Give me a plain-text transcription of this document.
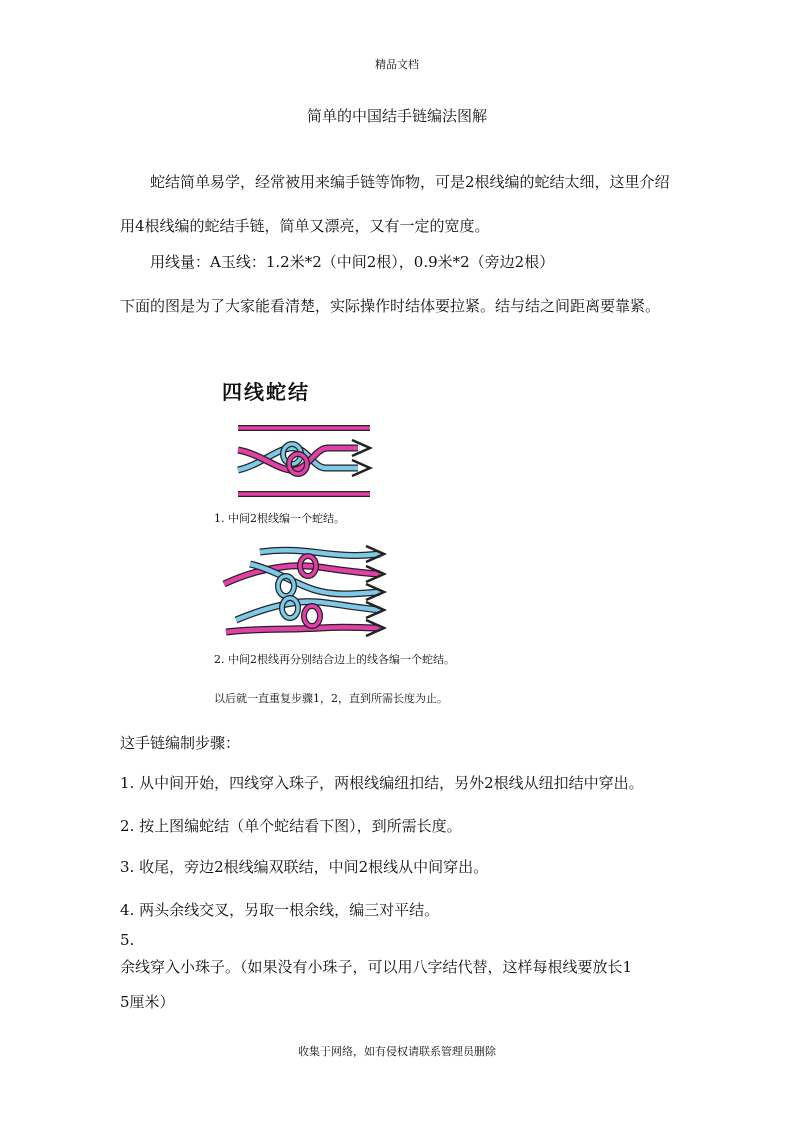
精品文档
简单的中国结手链编法图解

蛇结简单易学，经常被用来编手链等饰物，可是2根线编的蛇结太细，这里介绍用4根线编的蛇结手链，简单又漂亮，又有一定的宽度。

用线量：A玉线：1.2米*2（中间2根），0.9米*2（旁边2根）

下面的图是为了大家能看清楚，实际操作时结体要拉紧。结与结之间距离要靠紧。

四线蛇结
1. 中间2根线编一个蛇结。
2. 中间2根线再分别结合边上的线各编一个蛇结。
以后就一直重复步骤1，2，直到所需长度为止。

这手链编制步骤：

1. 从中间开始，四线穿入珠子，两根线编纽扣结，另外2根线从纽扣结中穿出。

2. 按上图编蛇结（单个蛇结看下图），到所需长度。

3. 收尾，旁边2根线编双联结，中间2根线从中间穿出。

4. 两头余线交叉，另取一根余线，编三对平结。

5.

余线穿入小珠子。（如果没有小珠子，可以用八字结代替，这样每根线要放长1

5厘米）

收集于网络，如有侵权请联系管理员删除
